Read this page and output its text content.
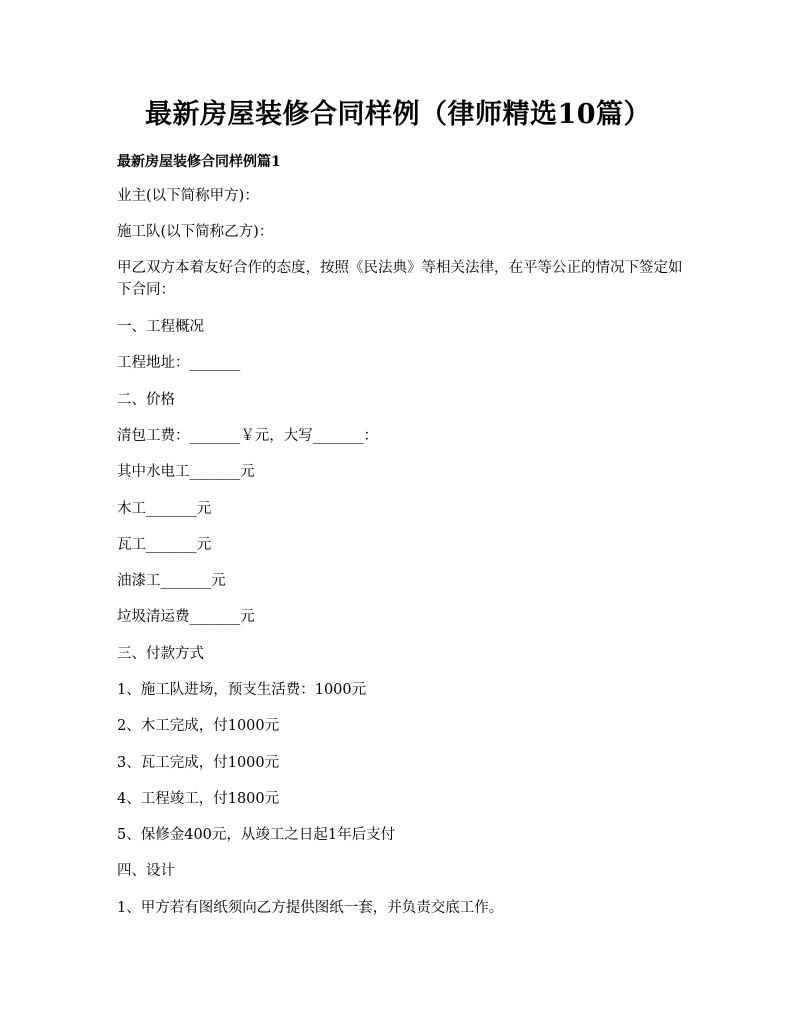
最新房屋装修合同样例（律师精选10篇）
最新房屋装修合同样例篇1
业主(以下简称甲方)：
施工队(以下简称乙方)：
甲乙双方本着友好合作的态度，按照《民法典》等相关法律，在平等公正的情况下签定如下合同：
一、工程概况
工程地址：_______
二、价格
清包工费：_______￥元，大写_______：
其中水电工_______元
木工_______元
瓦工_______元
油漆工_______元
垃圾清运费_______元
三、付款方式
1、施工队进场，预支生活费：1000元
2、木工完成，付1000元
3、瓦工完成，付1000元
4、工程竣工，付1800元
5、保修金400元，从竣工之日起1年后支付
四、设计
1、甲方若有图纸须向乙方提供图纸一套，并负责交底工作。
